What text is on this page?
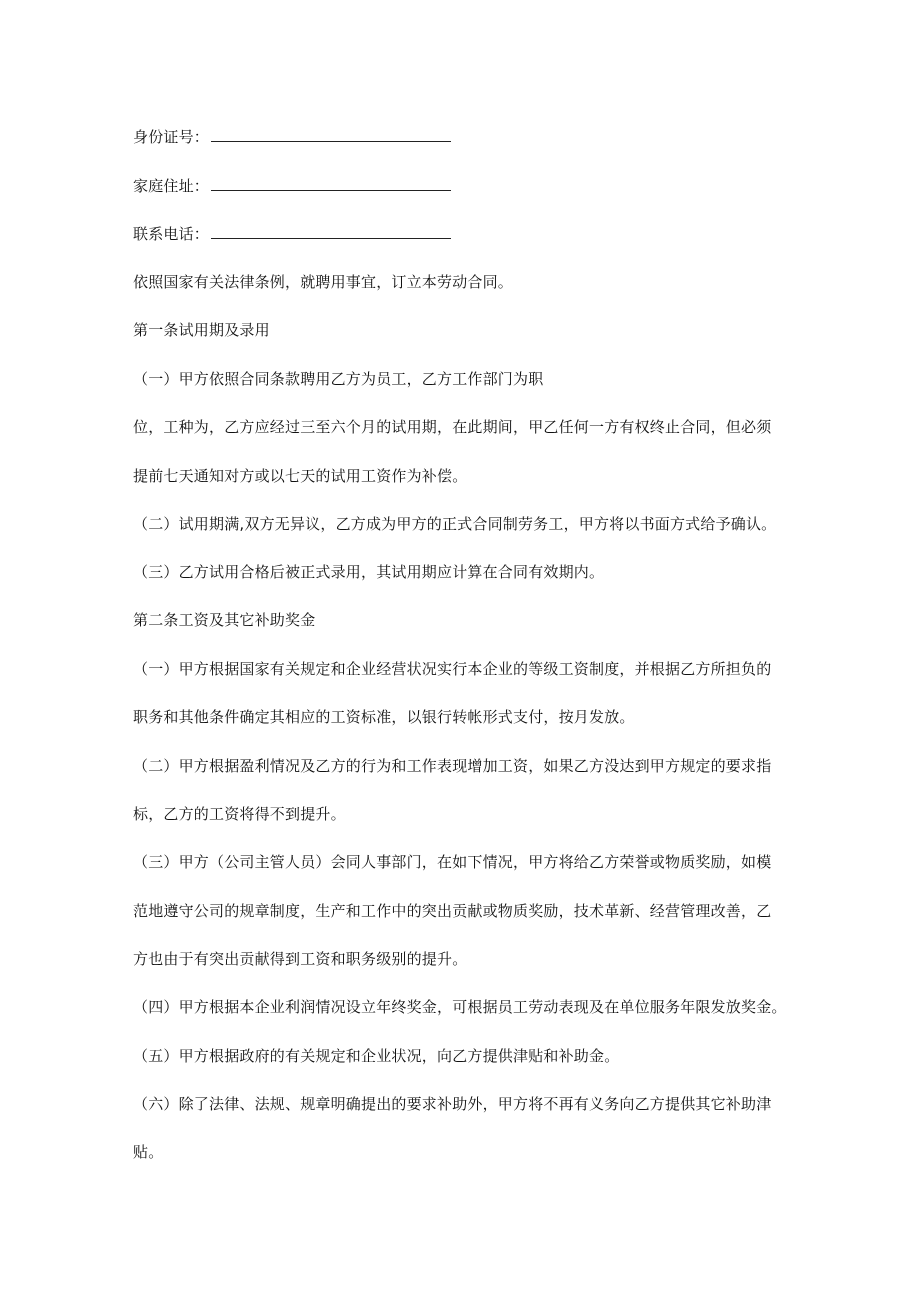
身份证号：
家庭住址：
联系电话：
依照国家有关法律条例，就聘用事宜，订立本劳动合同。
第一条试用期及录用
（一）甲方依照合同条款聘用乙方为员工，乙方工作部门为职
位，工种为，乙方应经过三至六个月的试用期，在此期间，甲乙任何一方有权终止合同，但必须
提前七天通知对方或以七天的试用工资作为补偿。
（二）试用期满,双方无异议，乙方成为甲方的正式合同制劳务工，甲方将以书面方式给予确认。
（三）乙方试用合格后被正式录用，其试用期应计算在合同有效期内。
第二条工资及其它补助奖金
（一）甲方根据国家有关规定和企业经营状况实行本企业的等级工资制度，并根据乙方所担负的
职务和其他条件确定其相应的工资标准，以银行转帐形式支付，按月发放。
（二）甲方根据盈利情况及乙方的行为和工作表现增加工资，如果乙方没达到甲方规定的要求指
标，乙方的工资将得不到提升。
（三）甲方（公司主管人员）会同人事部门，在如下情况，甲方将给乙方荣誉或物质奖励，如模
范地遵守公司的规章制度，生产和工作中的突出贡献或物质奖励，技术革新、经营管理改善，乙
方也由于有突出贡献得到工资和职务级别的提升。
（四）甲方根据本企业利润情况设立年终奖金，可根据员工劳动表现及在单位服务年限发放奖金。
（五）甲方根据政府的有关规定和企业状况，向乙方提供津贴和补助金。
（六）除了法律、法规、规章明确提出的要求补助外，甲方将不再有义务向乙方提供其它补助津
贴。
